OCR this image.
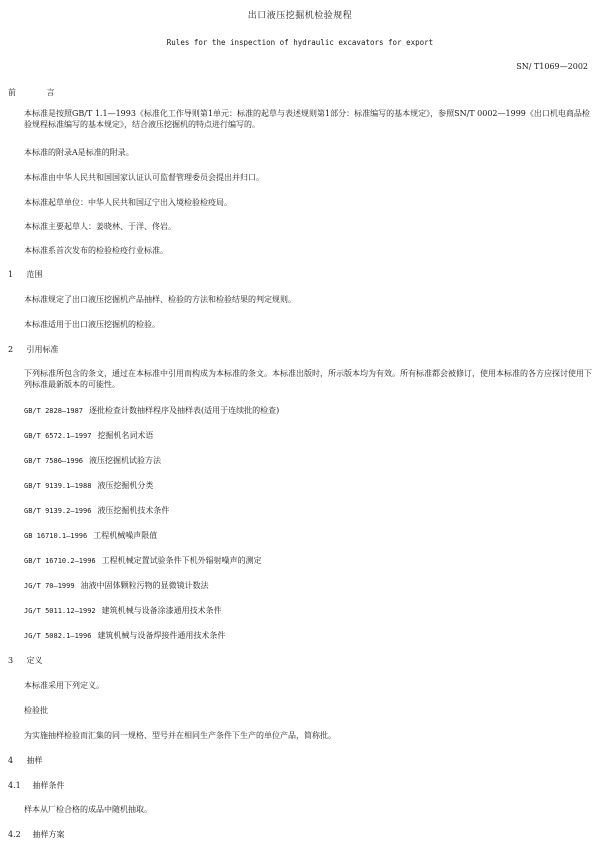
出口液压挖掘机检验规程
Rules for the inspection of hydraulic excavators for export
SN/ T1069—2002
前 言
本标准是按照GB/T 1.1—1993《标准化工作导则第1单元：标准的起草与表述规则第1部分：标准编写的基本规定》，参照SN/T 0002—1999《出口机电商品检验规程标准编写的基本规定》，结合液压挖掘机的特点进行编写的。
本标准的附录A是标准的附录。
本标准由中华人民共和国国家认证认可监督管理委员会提出并归口。
本标准起草单位：中华人民共和国辽宁出入境检验检疫局。
本标准主要起草人：姜晓林、于洋、佟岩。
本标准系首次发布的检验检疫行业标准。
1 范围
本标准规定了出口液压挖掘机产品抽样、检验的方法和检验结果的判定规则。
本标准适用于出口液压挖掘机的检验。
2 引用标准
下列标准所包含的条文，通过在本标准中引用而构成为本标准的条文。本标准出版时，所示版本均为有效。所有标准都会被修订，使用本标准的各方应探讨使用下列标准最新版本的可能性。
GB/T 2828—1987 逐批检查计数抽样程序及抽样表(适用于连续批的检查)
GB/T 6572.1—1997 挖掘机名词术语
GB/T 7586—1996 液压挖掘机试验方法
GB/T 9139.1—1988 液压挖掘机分类
GB/T 9139.2—1996 液压挖掘机技术条件
GB 16710.1—1996 工程机械噪声限值
GB/T 16710.2—1996 工程机械定置试验条件下机外辐射噪声的测定
JG/T 70—1999 油液中固体颗粒污物的显微镜计数法
JG/T 5011.12—1992 建筑机械与设备涂漆通用技术条件
JG/T 5082.1—1996 建筑机械与设备焊接件通用技术条件
3 定义
本标准采用下列定义。
检验批
为实施抽样检验而汇集的同一规格、型号并在相同生产条件下生产的单位产品，简称批。
4 抽样
4.1 抽样条件
样本从厂检合格的成品中随机抽取。
4.2 抽样方案
